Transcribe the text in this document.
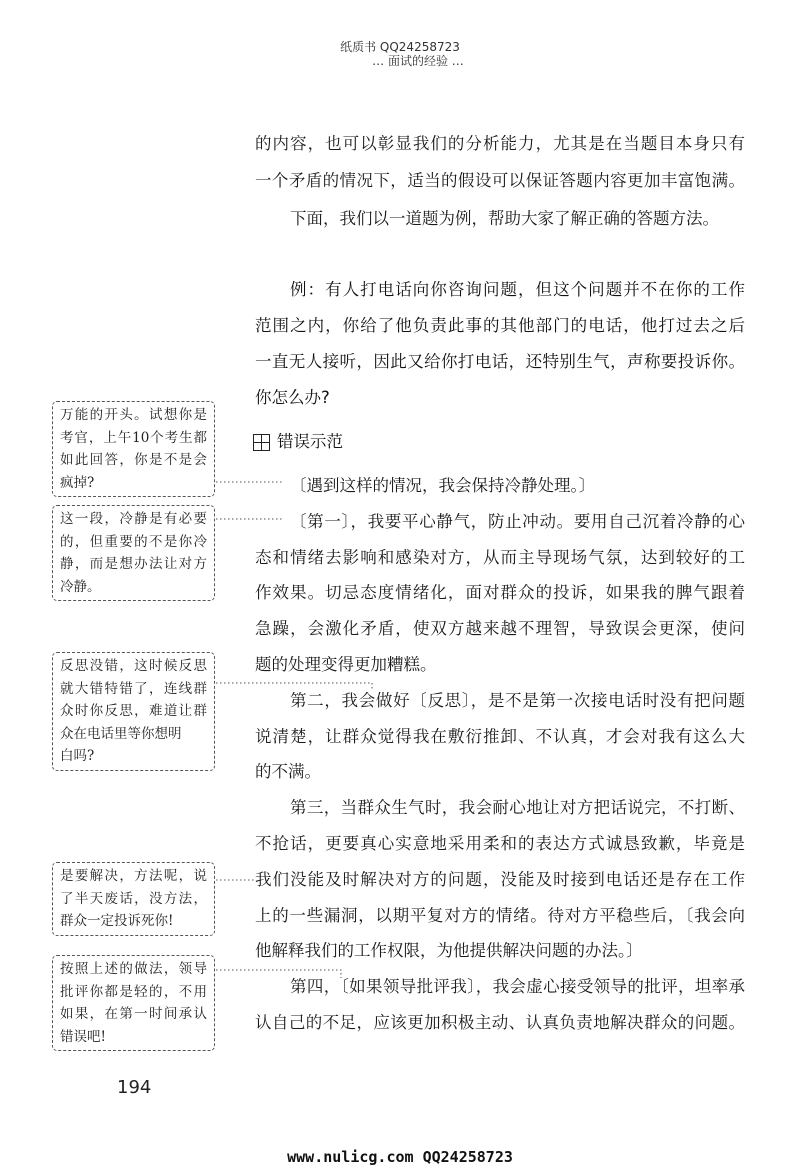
纸质书 QQ24258723
… 面试的经验 …
的内容，也可以彰显我们的分析能力，尤其是在当题目本身只有
一个矛盾的情况下，适当的假设可以保证答题内容更加丰富饱满。
下面，我们以一道题为例，帮助大家了解正确的答题方法。
例：有人打电话向你咨询问题，但这个问题并不在你的工作
范围之内，你给了他负责此事的其他部门的电话，他打过去之后
一直无人接听，因此又给你打电话，还特别生气，声称要投诉你。
你怎么办?
错误示范
〔遇到这样的情况，我会保持冷静处理。〕
〔第一〕，我要平心静气，防止冲动。要用自己沉着冷静的心
态和情绪去影响和感染对方，从而主导现场气氛，达到较好的工
作效果。切忌态度情绪化，面对群众的投诉，如果我的脾气跟着
急躁，会激化矛盾，使双方越来越不理智，导致误会更深，使问
题的处理变得更加糟糕。
第二，我会做好〔反思〕，是不是第一次接电话时没有把问题
说清楚，让群众觉得我在敷衍推卸、不认真，才会对我有这么大
的不满。
第三，当群众生气时，我会耐心地让对方把话说完，不打断、
不抢话，更要真心实意地采用柔和的表达方式诚恳致歉，毕竟是
我们没能及时解决对方的问题，没能及时接到电话还是存在工作
上的一些漏洞，以期平复对方的情绪。待对方平稳些后，〔我会向
他解释我们的工作权限，为他提供解决问题的办法。〕
第四，〔如果领导批评我〕，我会虚心接受领导的批评，坦率承
认自己的不足，应该更加积极主动、认真负责地解决群众的问题。
万能的开头。试想你是
考官，上午10个考生都
如此回答，你是不是会
疯掉?
这一段，冷静是有必要
的，但重要的不是你冷
静，而是想办法让对方
冷静。
反思没错，这时候反思
就大错特错了，连线群
众时你反思，难道让群
众在电话里等你想明
白吗?
是要解决，方法呢，说
了半天废话，没方法，
群众一定投诉死你!
按照上述的做法，领导
批评你都是轻的，不用
如果，在第一时间承认
错误吧!
194
www.nulicg.com QQ24258723
